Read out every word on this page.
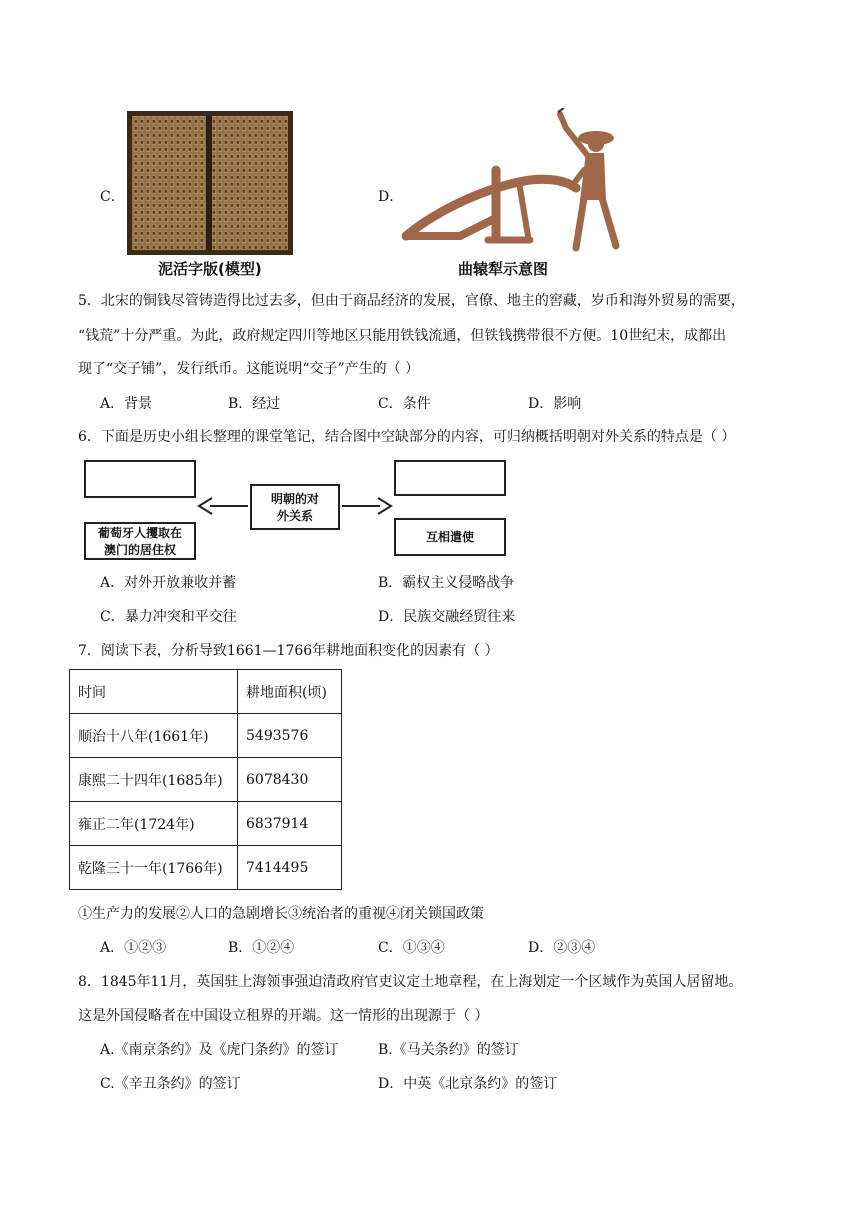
C．
泥活字版(模型)
D．
曲辕犁示意图
5．北宋的铜钱尽管铸造得比过去多，但由于商品经济的发展，官僚、地主的窖藏，岁币和海外贸易的需要，
“钱荒”十分严重。为此，政府规定四川等地区只能用铁钱流通，但铁钱携带很不方便。10世纪末，成都出
现了“交子铺”，发行纸币。这能说明“交子”产生的（ ）
A．背景	B．经过	C．条件	D．影响
6．下面是历史小组长整理的课堂笔记，结合图中空缺部分的内容，可归纳概括明朝对外关系的特点是（ ）
明朝的对
外关系
葡萄牙人攫取在
澳门的居住权
互相遣使
A．对外开放兼收并蓄	B．霸权主义侵略战争
C．暴力冲突和平交往	D．民族交融经贸往来
7．阅读下表，分析导致1661—1766年耕地面积变化的因素有（ ）
时间	耕地面积(顷)
顺治十八年(1661年)	5493576
康熙二十四年(1685年)	6078430
雍正二年(1724年)	6837914
乾隆三十一年(1766年)	7414495
①生产力的发展②人口的急剧增长③统治者的重视④闭关锁国政策
A．①②③	B．①②④	C．①③④	D．②③④
8．1845年11月，英国驻上海领事强迫清政府官吏议定土地章程，在上海划定一个区域作为英国人居留地。
这是外国侵略者在中国设立租界的开端。这一情形的出现源于（ ）
A.《南京条约》及《虎门条约》的签订	B.《马关条约》的签订
C.《辛丑条约》的签订	D．中英《北京条约》的签订
